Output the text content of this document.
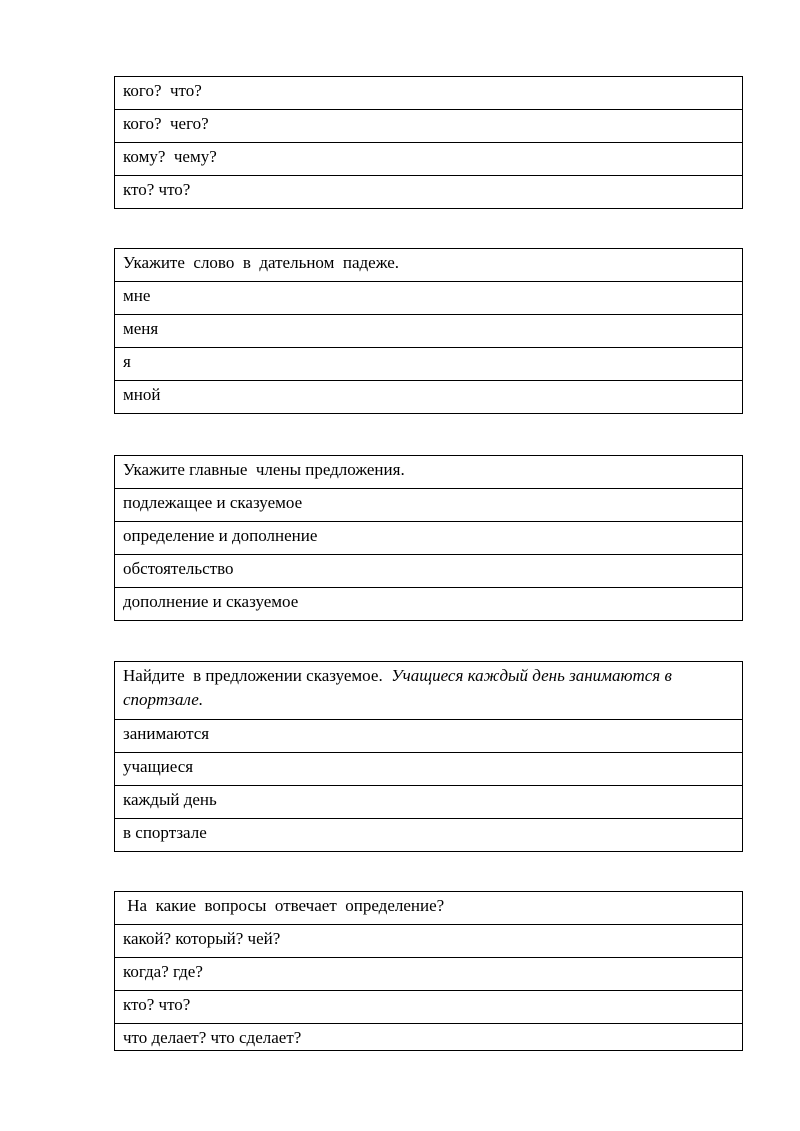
кого?  что?
кого?  чего?
кому?  чему?
кто? что?
Укажите  слово  в  дательном  падеже.
мне
меня
я
мной
Укажите главные  члены предложения.
подлежащее и сказуемое
определение и дополнение
обстоятельство
дополнение и сказуемое
Найдите  в предложении сказуемое.  Учащиеся каждый день занимаются в спортзале.
занимаются
учащиеся
каждый день
в спортзале
На  какие  вопросы  отвечает  определение?
какой? который? чей?
когда? где?
кто? что?
что делает? что сделает?
